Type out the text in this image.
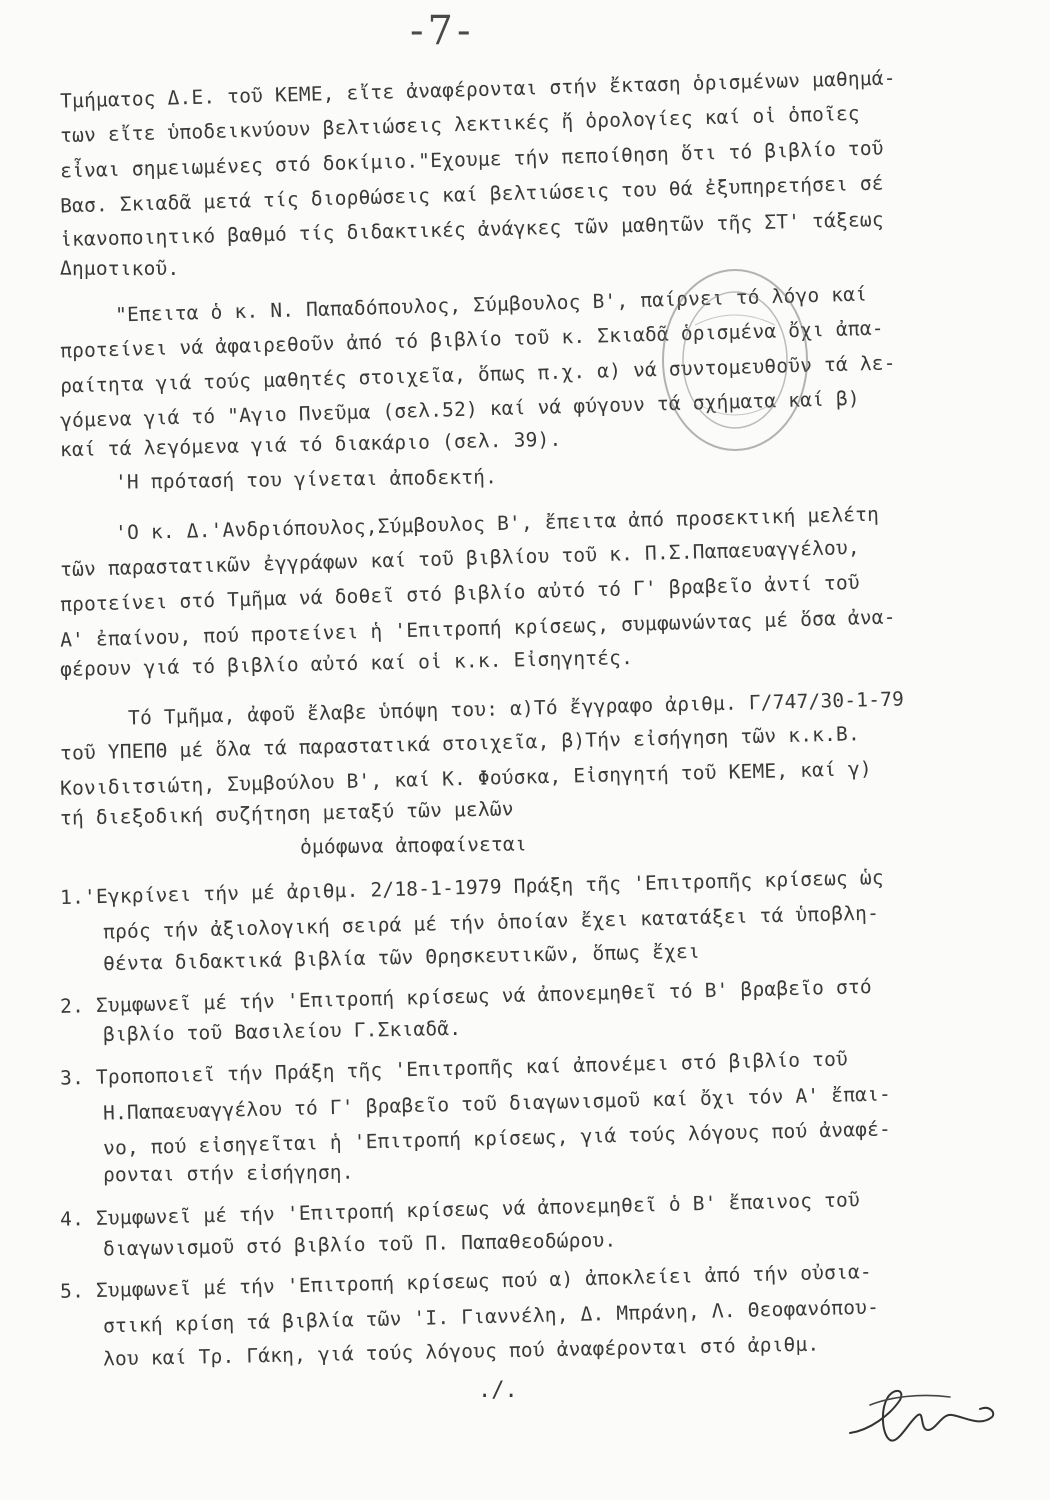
-7-
Τμήματος Δ.Ε. τοῦ ΚΕΜΕ, εἴτε ἀναφέρονται στήν ἔκταση ὁρισμένων μαθημά-
των εἴτε ὑποδεικνύουν βελτιώσεις λεκτικές ἤ ὁρολογίες καί οἱ ὁποῖες
εἶναι σημειωμένες στό δοκίμιο."Εχουμε τήν πεποίθηση ὅτι τό βιβλίο τοῦ
Βασ. Σκιαδᾶ μετά τίς διορθώσεις καί βελτιώσεις του θά ἐξυπηρετήσει σέ
ἱκανοποιητικό βαθμό τίς διδακτικές ἀνάγκες τῶν μαθητῶν τῆς ΣΤ' τάξεως
Δημοτικοῦ.
"Επειτα ὁ κ. Ν. Παπαδόπουλος, Σύμβουλος Β', παίρνει τό λόγο καί
προτείνει νά ἀφαιρεθοῦν ἀπό τό βιβλίο τοῦ κ. Σκιαδᾶ ὁρισμένα ὄχι ἀπα-
ραίτητα γιά τούς μαθητές στοιχεῖα, ὅπως π.χ. α) νά συντομευθοῦν τά λε-
γόμενα γιά τό "Αγιο Πνεῦμα (σελ.52) καί νά φύγουν τά σχήματα καί β)
καί τά λεγόμενα γιά τό διακάριο (σελ. 39).
'Η πρότασή του γίνεται ἀποδεκτή.
'Ο κ. Δ.'Ανδριόπουλος,Σύμβουλος Β', ἔπειτα ἀπό προσεκτική μελέτη
τῶν παραστατικῶν ἐγγράφων καί τοῦ βιβλίου τοῦ κ. Π.Σ.Παπαευαγγέλου,
προτείνει στό Τμῆμα νά δοθεῖ στό βιβλίο αὐτό τό Γ' βραβεῖο ἀντί τοῦ
Α' ἐπαίνου, πού προτείνει ἡ 'Επιτροπή κρίσεως, συμφωνώντας μέ ὅσα ἀνα-
φέρουν γιά τό βιβλίο αὐτό καί οἱ κ.κ. Εἰσηγητές.
Τό Τμῆμα, ἀφοῦ ἔλαβε ὑπόψη του: α)Τό ἔγγραφο ἀριθμ. Γ/747/30-1-79
τοῦ ΥΠΕΠΘ μέ ὅλα τά παραστατικά στοιχεῖα, β)Τήν εἰσήγηση τῶν κ.κ.Β.
Κονιδιτσιώτη, Συμβούλου Β', καί Κ. Φούσκα, Εἰσηγητή τοῦ ΚΕΜΕ, καί γ)
τή διεξοδική συζήτηση μεταξύ τῶν μελῶν
ὁμόφωνα ἀποφαίνεται
1.'Εγκρίνει τήν μέ ἀριθμ. 2/18-1-1979 Πράξη τῆς 'Επιτροπῆς κρίσεως ὡς
πρός τήν ἀξιολογική σειρά μέ τήν ὁποίαν ἔχει κατατάξει τά ὑποβλη-
θέντα διδακτικά βιβλία τῶν Θρησκευτικῶν, ὅπως ἔχει
2. Συμφωνεῖ μέ τήν 'Επιτροπή κρίσεως νά ἀπονεμηθεῖ τό Β' βραβεῖο στό
βιβλίο τοῦ Βασιλείου Γ.Σκιαδᾶ.
3. Τροποποιεῖ τήν Πράξη τῆς 'Επιτροπῆς καί ἀπονέμει στό βιβλίο τοῦ
Η.Παπαευαγγέλου τό Γ' βραβεῖο τοῦ διαγωνισμοῦ καί ὄχι τόν Α' ἔπαι-
νο, πού εἰσηγεῖται ἡ 'Επιτροπή κρίσεως, γιά τούς λόγους πού ἀναφέ-
ρονται στήν εἰσήγηση.
4. Συμφωνεῖ μέ τήν 'Επιτροπή κρίσεως νά ἀπονεμηθεῖ ὁ Β' ἔπαινος τοῦ
διαγωνισμοῦ στό βιβλίο τοῦ Π. Παπαθεοδώρου.
5. Συμφωνεῖ μέ τήν 'Επιτροπή κρίσεως πού α) ἀποκλείει ἀπό τήν οὐσια-
στική κρίση τά βιβλία τῶν 'Ι. Γιαννέλη, Δ. Μπράνη, Λ. Θεοφανόπου-
λου καί Τρ. Γάκη, γιά τούς λόγους πού ἀναφέρονται στό ἀριθμ.
./.
